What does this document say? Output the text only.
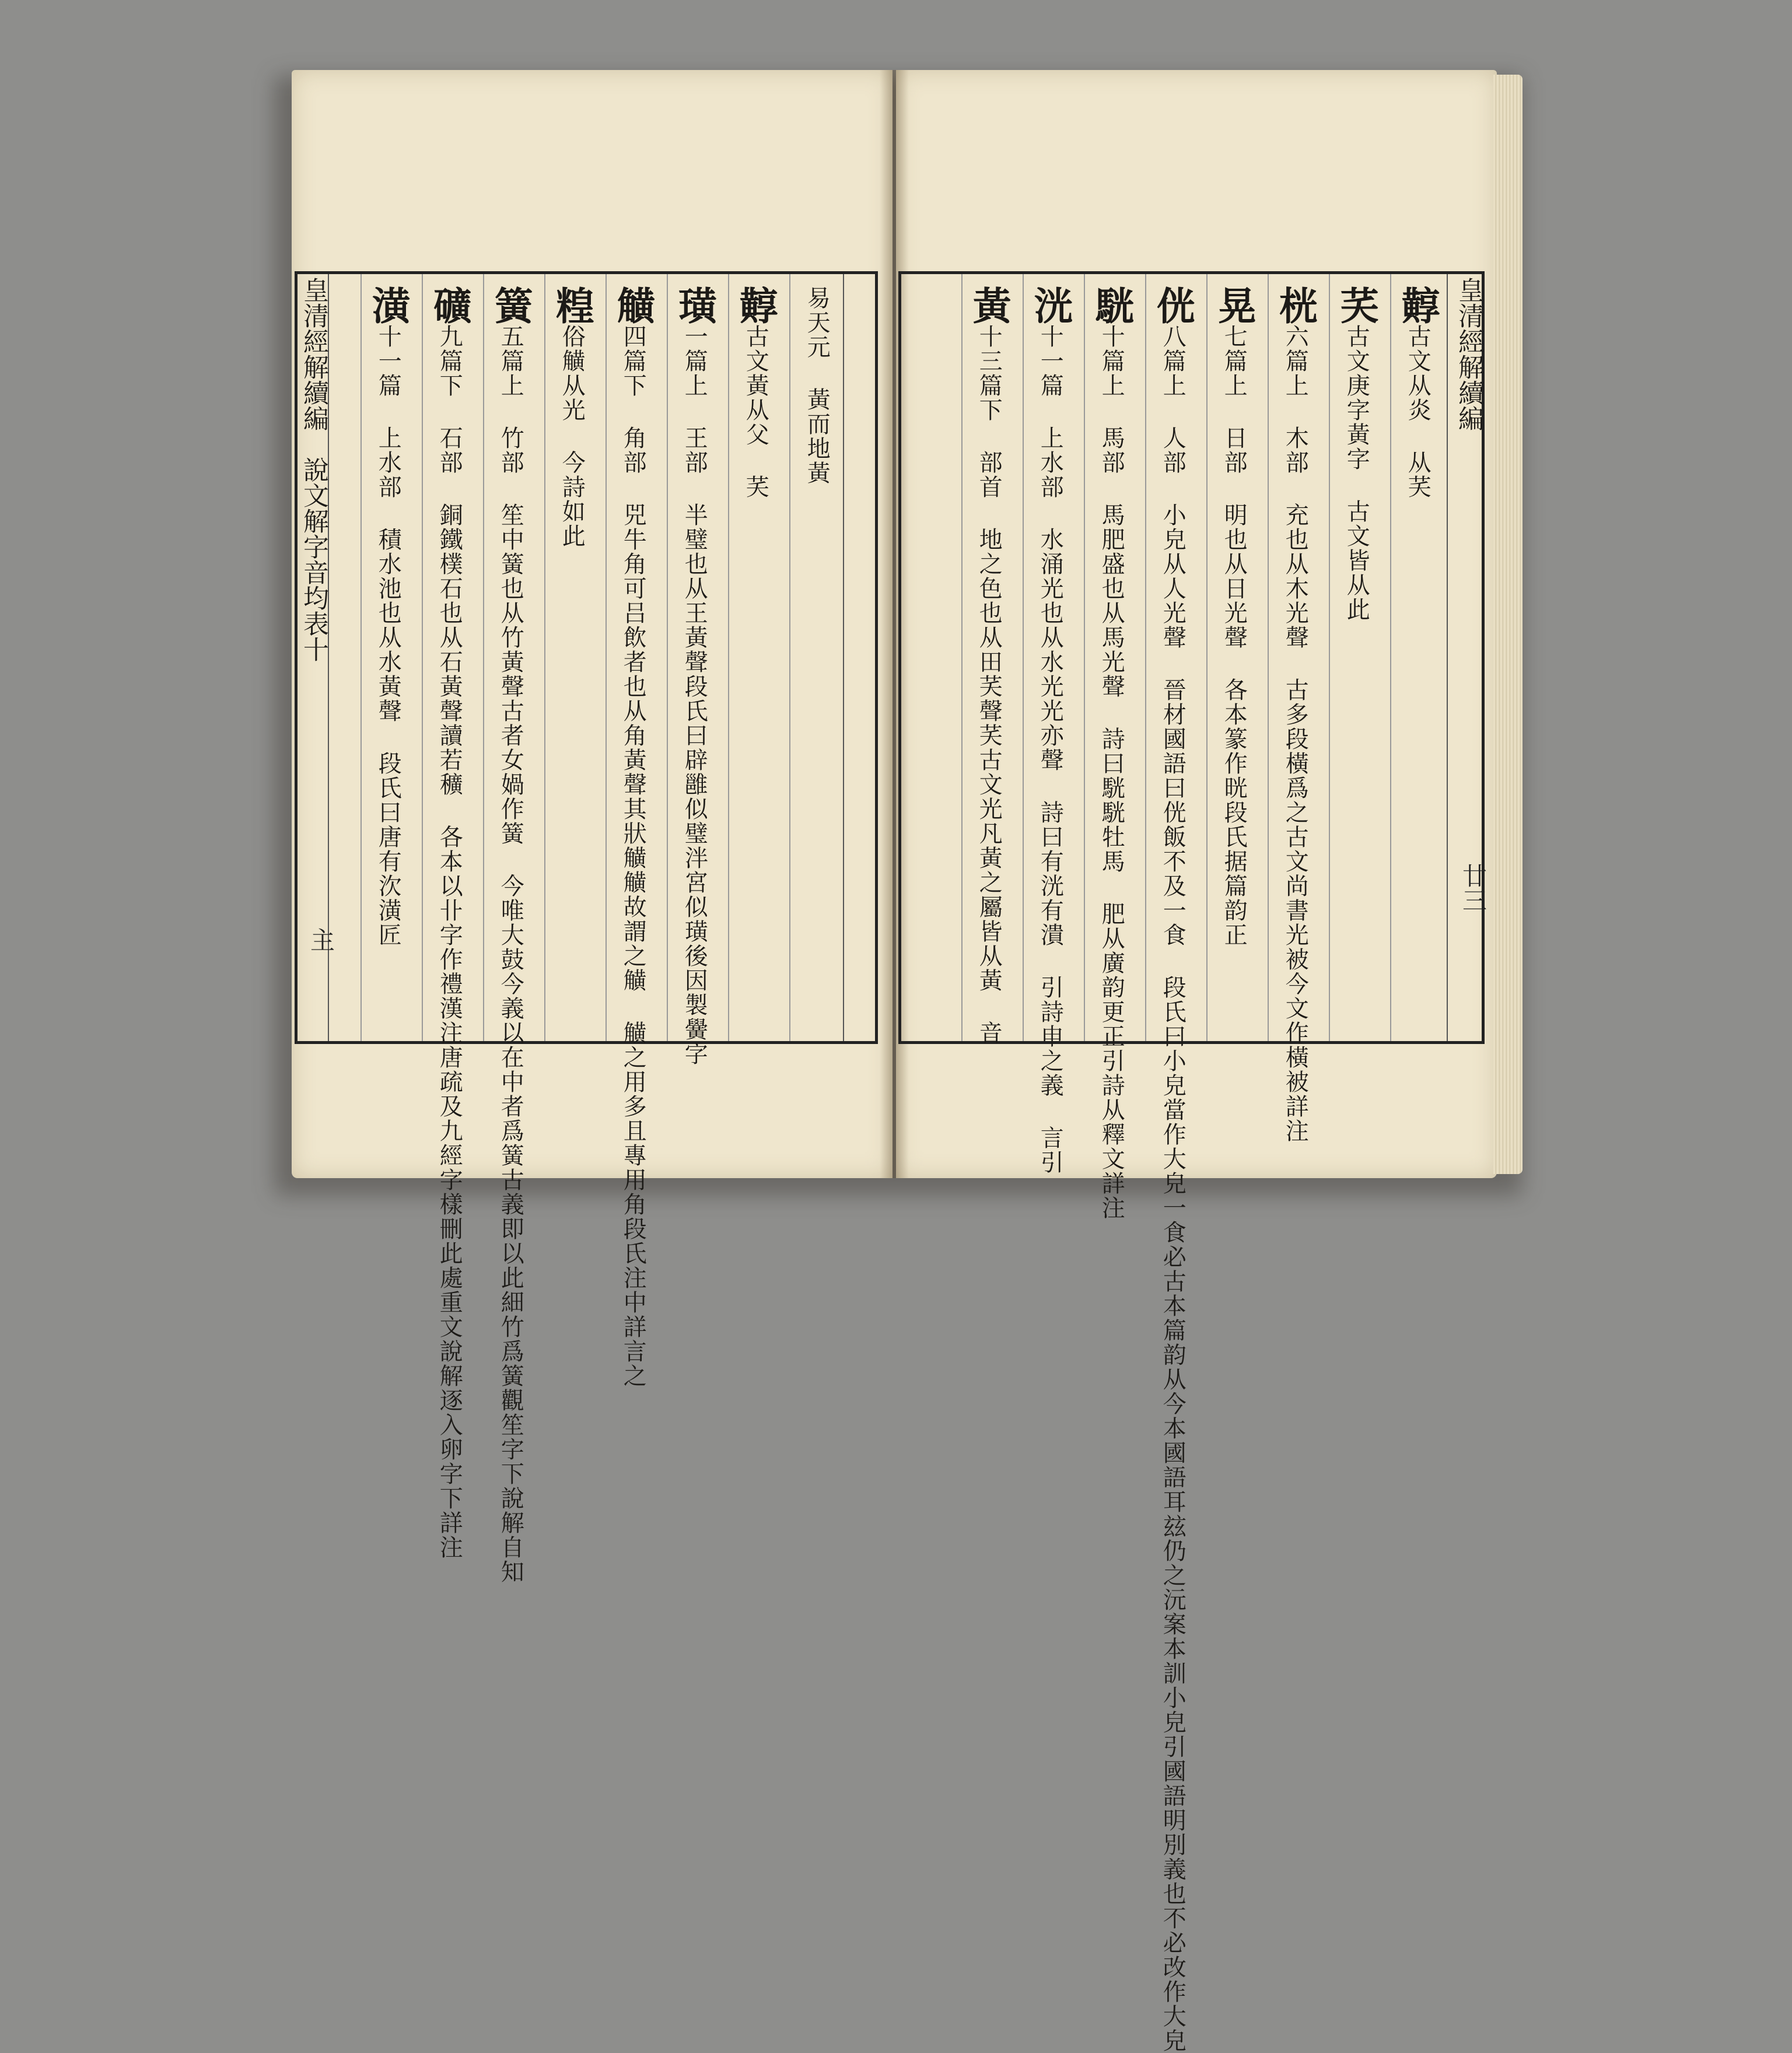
皇清經解續編　說文解字音均表十
主
易天元 黃而地黃
䵍古文黃从父 芺
璜一篇上 王部 半璧也从王黃聲段氏曰辟雝似璧泮宮似璜後因製黌字
觵四篇下 角部 兕牛角可吕飲者也从角黃聲其狀觵觵故謂之觵 觵之用多且專用角段氏注中詳言之
䊗俗觵从光 今詩如此
簧五篇上 竹部 笙中簧也从竹黃聲古者女媧作簧 今唯大鼓今義以在中者爲簧古義即以此細竹爲簧觀笙字下說解自知
礦九篇下 石部 銅鐵樸石也从石黃聲讀若穬 各本以卝字作禮漢注唐疏及九經字樣刪此處重文說解逐入卵字下詳注
潢十一篇 上水部 積水池也从水黃聲 段氏曰唐有㳄潢匠	皇清經解續編
廿三
䵍古文从炎 从芺
芺古文庚字黃字 古文皆从此
桄六篇上 木部 充也从木光聲 古多段橫爲之古文尚書光被今文作橫被詳注
晃七篇上 日部 明也从日光聲 各本篆作晄段氏据篇韵正
侊八篇上 人部 小皃从人光聲 晉材國語曰侊飯不及一食 段氏曰小皃當作大皃一食必古本篇韵从今本國語耳玆仍之沅案本訓小皃引國語明別義也不必改作大皃
駫十篇上 馬部 馬肥盛也从馬光聲 詩曰駫駫牡馬 肥从廣韵更正引詩从釋文詳注
洸十一篇 上水部 水涌光也从水光光亦聲 詩曰有洸有潰 引詩申之義 言引
黃十三篇下 部首 地之色也从田芺聲芺古文光凡黃之屬皆从黃 音
